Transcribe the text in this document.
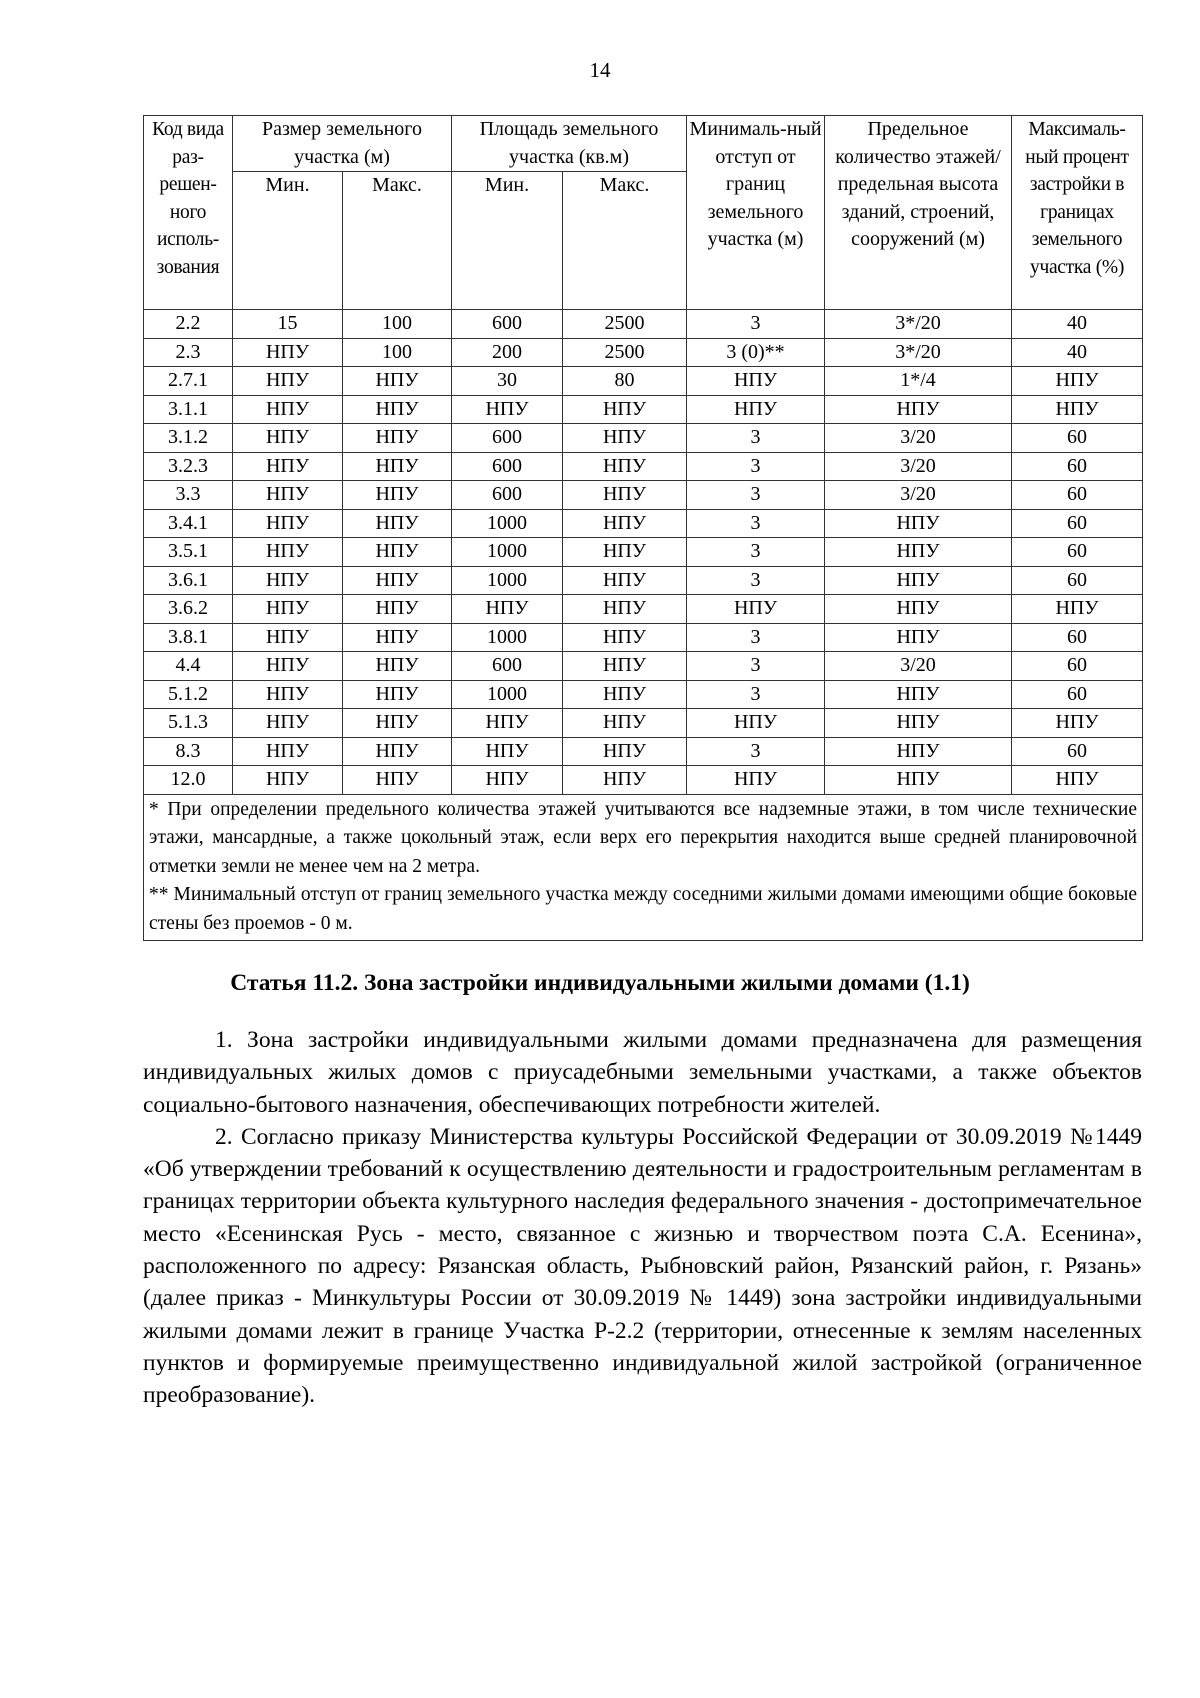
14
Код вида раз-решен-ного исполь-зования	Размер земельного участка (м)		Площадь земельного участка (кв.м)		Минималь-ный отступ от границ земельного участка (м)	Предельное количество этажей/ предельная высота зданий, строений, сооружений (м)	Максималь-ный процент застройки в границах земельного участка (%)
	Мин.	Макс.	Мин.	Макс.			
2.2	15	100	600	2500	3	3*/20	40
2.3	НПУ	100	200	2500	3 (0)**	3*/20	40
2.7.1	НПУ	НПУ	30	80	НПУ	1*/4	НПУ
3.1.1	НПУ	НПУ	НПУ	НПУ	НПУ	НПУ	НПУ
3.1.2	НПУ	НПУ	600	НПУ	3	3/20	60
3.2.3	НПУ	НПУ	600	НПУ	3	3/20	60
3.3	НПУ	НПУ	600	НПУ	3	3/20	60
3.4.1	НПУ	НПУ	1000	НПУ	3	НПУ	60
3.5.1	НПУ	НПУ	1000	НПУ	3	НПУ	60
3.6.1	НПУ	НПУ	1000	НПУ	3	НПУ	60
3.6.2	НПУ	НПУ	НПУ	НПУ	НПУ	НПУ	НПУ
3.8.1	НПУ	НПУ	1000	НПУ	3	НПУ	60
4.4	НПУ	НПУ	600	НПУ	3	3/20	60
5.1.2	НПУ	НПУ	1000	НПУ	3	НПУ	60
5.1.3	НПУ	НПУ	НПУ	НПУ	НПУ	НПУ	НПУ
8.3	НПУ	НПУ	НПУ	НПУ	3	НПУ	60
12.0	НПУ	НПУ	НПУ	НПУ	НПУ	НПУ	НПУ

* При определении предельного количества этажей учитываются все надземные этажи, в том числе технические этажи, мансардные, а также цокольный этаж, если верх его перекрытия находится выше средней планировочной отметки земли не менее чем на 2 метра.
** Минимальный отступ от границ земельного участка между соседними жилыми домами имеющими общие боковые стены без проемов - 0 м.							
Статья 11.2. Зона застройки индивидуальными жилыми домами (1.1)

1. Зона застройки индивидуальными жилыми домами предназначена для размещения индивидуальных жилых домов с приусадебными земельными участками, а также объектов социально-бытового назначения, обеспечивающих потребности жителей.

2. Согласно приказу Министерства культуры Российской Федерации от 30.09.2019 №1449 «Об утверждении требований к осуществлению деятельности и градостроительным регламентам в границах территории объекта культурного наследия федерального значения - достопримечательное место «Есенинская Русь - место, связанное с жизнью и творчеством поэта С.А. Есенина», расположенного по адресу: Рязанская область, Рыбновский район, Рязанский район, г. Рязань» (далее приказ - Минкультуры России от 30.09.2019 № 1449) зона застройки индивидуальными жилыми домами лежит в границе Участка Р-2.2 (территории, отнесенные к землям населенных пунктов и формируемые преимущественно индивидуальной жилой застройкой (ограниченное преобразование).
